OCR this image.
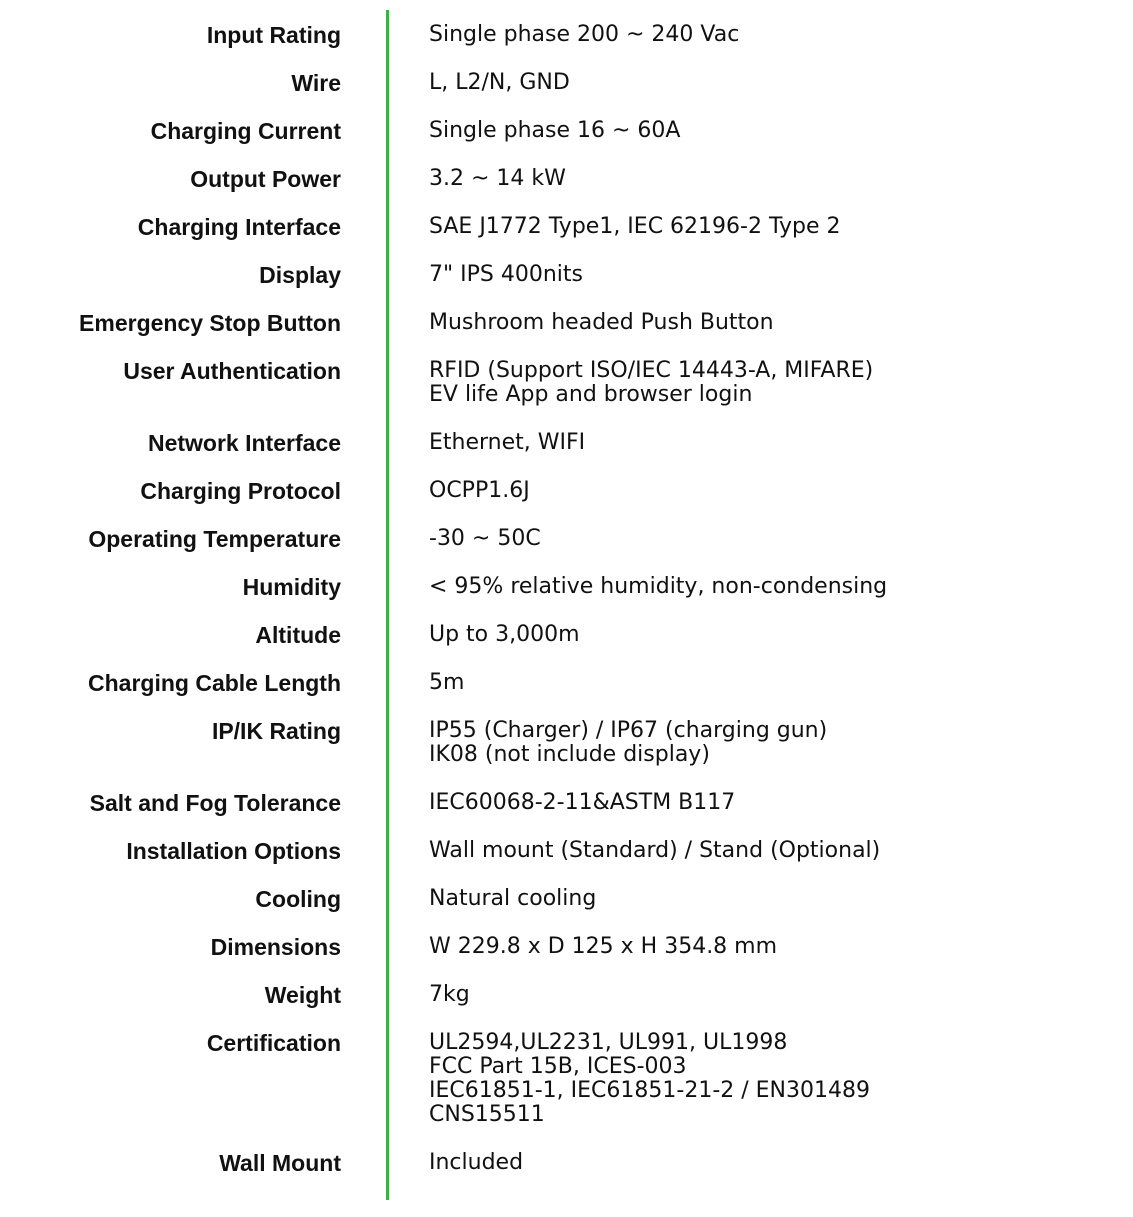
Input Rating	Single phase 200 ~ 240 Vac
Wire	L, L2/N, GND
Charging Current	Single phase 16 ~ 60A
Output Power	3.2 ~ 14 kW
Charging Interface	SAE J1772 Type1, IEC 62196-2 Type 2
Display	7" IPS 400nits
Emergency Stop Button	Mushroom headed Push Button
User Authentication	RFID (Support ISO/IEC 14443-A, MIFARE)
EV life App and browser login
Network Interface	Ethernet, WIFI
Charging Protocol	OCPP1.6J
Operating Temperature	-30 ~ 50C
Humidity	< 95% relative humidity, non-condensing
Altitude	Up to 3,000m
Charging Cable Length	5m
IP/IK Rating	IP55 (Charger) / IP67 (charging gun)
IK08 (not include display)
Salt and Fog Tolerance	IEC60068-2-11&ASTM B117
Installation Options	Wall mount (Standard) / Stand (Optional)
Cooling	Natural cooling
Dimensions	W 229.8 x D 125 x H 354.8 mm
Weight	7kg
Certification	UL2594,UL2231, UL991, UL1998
FCC Part 15B, ICES-003
IEC61851-1, IEC61851-21-2 / EN301489
CNS15511
Wall Mount	Included
